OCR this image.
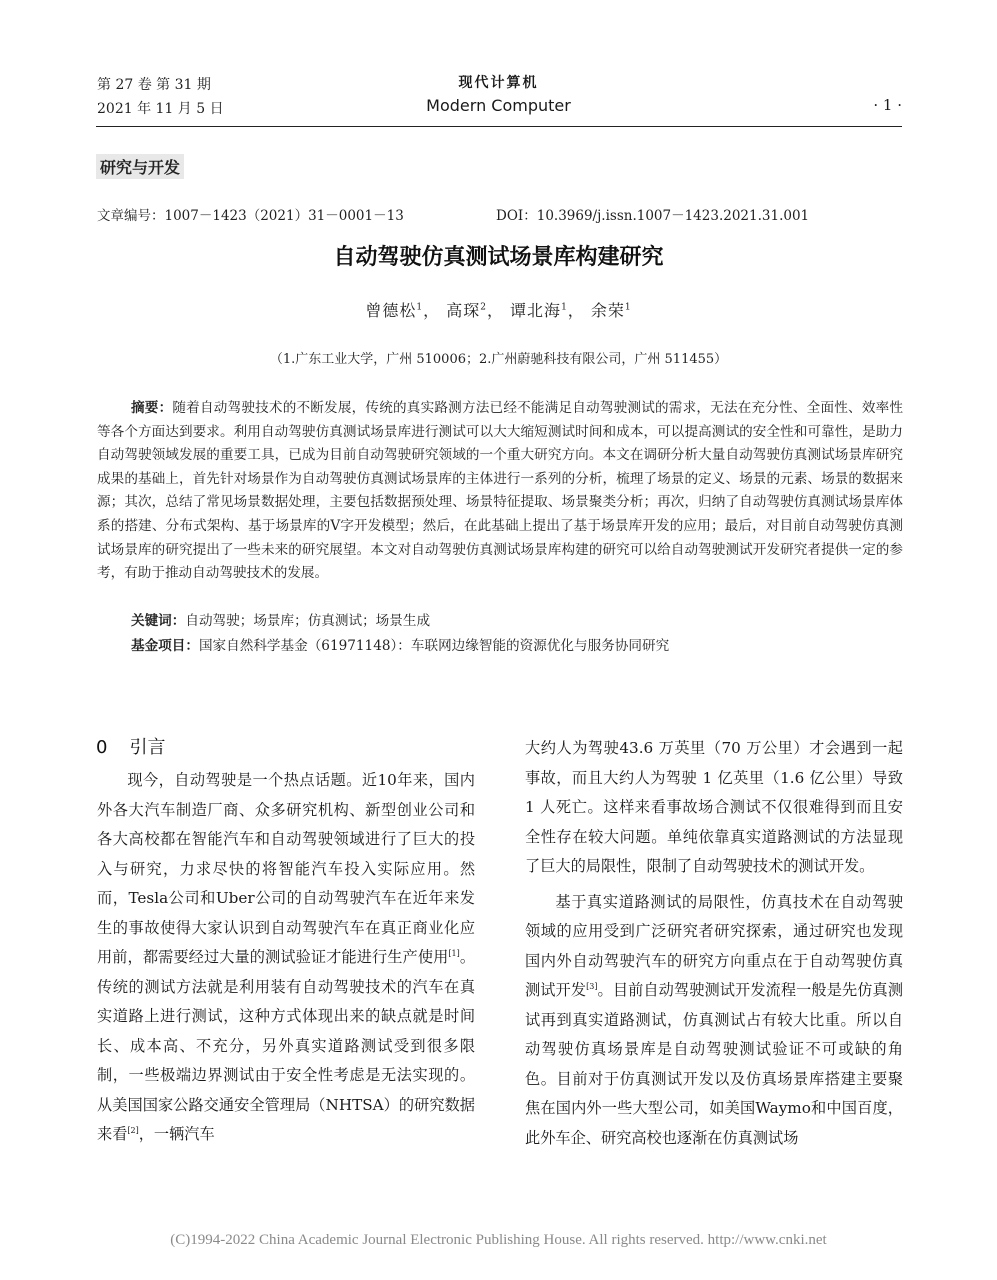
第 27 卷 第 31 期
2021 年 11 月 5 日
现代计算机
Modern Computer	· 1 ·
研究与开发
文章编号：1007－1423（2021）31－0001－13	DOI：10.3969/j.issn.1007－1423.2021.31.001
自动驾驶仿真测试场景库构建研究
曾德松$^1$， 高琛$^2$， 谭北海$^1$， 余荣$^1$
（1.广东工业大学，广州 510006；2.广州蔚驰科技有限公司，广州 511455）
摘要：随着自动驾驶技术的不断发展，传统的真实路测方法已经不能满足自动驾驶测试的需求，无法在充分性、全面性、效率性等各个方面达到要求。利用自动驾驶仿真测试场景库进行测试可以大大缩短测试时间和成本，可以提高测试的安全性和可靠性，是助力自动驾驶领域发展的重要工具，已成为目前自动驾驶研究领域的一个重大研究方向。本文在调研分析大量自动驾驶仿真测试场景库研究成果的基础上，首先针对场景作为自动驾驶仿真测试场景库的主体进行一系列的分析，梳理了场景的定义、场景的元素、场景的数据来源；其次，总结了常见场景数据处理，主要包括数据预处理、场景特征提取、场景聚类分析；再次，归纳了自动驾驶仿真测试场景库体系的搭建、分布式架构、基于场景库的V字开发模型；然后，在此基础上提出了基于场景库开发的应用；最后，对目前自动驾驶仿真测试场景库的研究提出了一些未来的研究展望。本文对自动驾驶仿真测试场景库构建的研究可以给自动驾驶测试开发研究者提供一定的参考，有助于推动自动驾驶技术的发展。
关键词：自动驾驶；场景库；仿真测试；场景生成
基金项目：国家自然科学基金（61971148）：车联网边缘智能的资源优化与服务协同研究
0 引言

现今，自动驾驶是一个热点话题。近10年来，国内外各大汽车制造厂商、众多研究机构、新型创业公司和各大高校都在智能汽车和自动驾驶领域进行了巨大的投入与研究，力求尽快的将智能汽车投入实际应用。然而，Tesla公司和Uber公司的自动驾驶汽车在近年来发生的事故使得大家认识到自动驾驶汽车在真正商业化应用前，都需要经过大量的测试验证才能进行生产使用[1]。传统的测试方法就是利用装有自动驾驶技术的汽车在真实道路上进行测试，这种方式体现出来的缺点就是时间长、成本高、不充分，另外真实道路测试受到很多限制，一些极端边界测试由于安全性考虑是无法实现的。从美国国家公路交通安全管理局（NHTSA）的研究数据来看[2]，一辆汽车

大约人为驾驶43.6 万英里（70 万公里）才会遇到一起事故，而且大约人为驾驶 1 亿英里（1.6 亿公里）导致 1 人死亡。这样来看事故场合测试不仅很难得到而且安全性存在较大问题。单纯依靠真实道路测试的方法显现了巨大的局限性，限制了自动驾驶技术的测试开发。

基于真实道路测试的局限性，仿真技术在自动驾驶领域的应用受到广泛研究者研究探索，通过研究也发现国内外自动驾驶汽车的研究方向重点在于自动驾驶仿真测试开发[3]。目前自动驾驶测试开发流程一般是先仿真测试再到真实道路测试，仿真测试占有较大比重。所以自动驾驶仿真场景库是自动驾驶测试验证不可或缺的角色。目前对于仿真测试开发以及仿真场景库搭建主要聚焦在国内外一些大型公司，如美国Waymo和中国百度，此外车企、研究高校也逐渐在仿真测试场

(C)1994-2022 China Academic Journal Electronic Publishing House. All rights reserved. http://www.cnki.net
